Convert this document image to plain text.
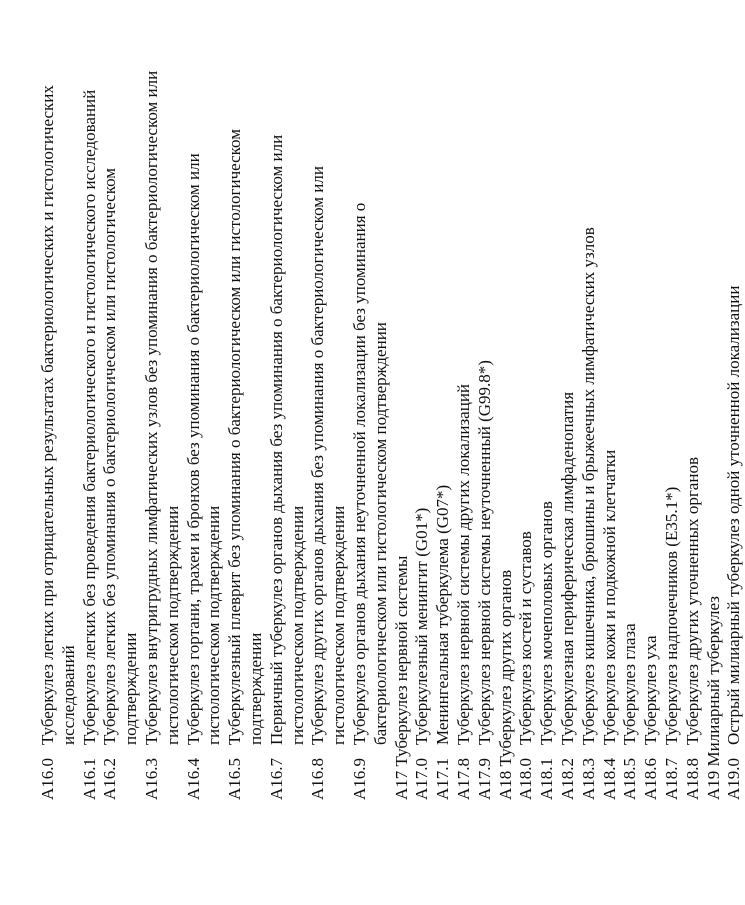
A16.0
Туберкулез легких при отрицательных результатах бактериологических и гистологических исследований
A16.1
Туберкулез легких без проведения бактериологического и гистологического исследований
A16.2
Туберкулез легких без упоминания о бактериологическом или гистологическом подтверждении
A16.3
Туберкулез внутригрудных лимфатических узлов без упоминания о бактериологическом или гистологическом подтверждении
A16.4
Туберкулез гортани, трахеи и бронхов без упоминания о бактериологическом или гистологическом подтверждении
A16.5
Туберкулезный плеврит без упоминания о бактериологическом или гистологическом подтверждении
A16.7
Первичный туберкулез органов дыхания без упоминания о бактериологическом или гистологическом подтверждении
A16.8
Туберкулез других органов дыхания без упоминания о бактериологическом или гистологическом подтверждении
A16.9
Туберкулез органов дыхания неуточненной локализации без упоминания о бактериологическом или гистологическом подтверждении A17 Туберкулез нервной системы A17.0
Туберкулезный менингит (G01*)
A17.1
Менингеальная туберкулема (G07*)
A17.8
Туберкулез нервной системы других локализаций
A17.9
Туберкулез нервной системы неуточненный (G99.8*) A18 Туберкулез других органов A18.0
Туберкулез костей и суставов
A18.1
Туберкулез мочеполовых органов
A18.2
Туберкулезная периферическая лимфаденопатия
A18.3
Туберкулез кишечника, брюшины и брыжеечных лимфатических узлов
A18.4
Туберкулез кожи и подкожной клетчатки
A18.5
Туберкулез глаза
A18.6
Туберкулез уха
A18.7
Туберкулез надпочечников (E35.1*)
A18.8
Туберкулез других уточненных органов A19 Милиарный туберкулез A19.0
Острый милиарный туберкулез одной уточненной локализации
